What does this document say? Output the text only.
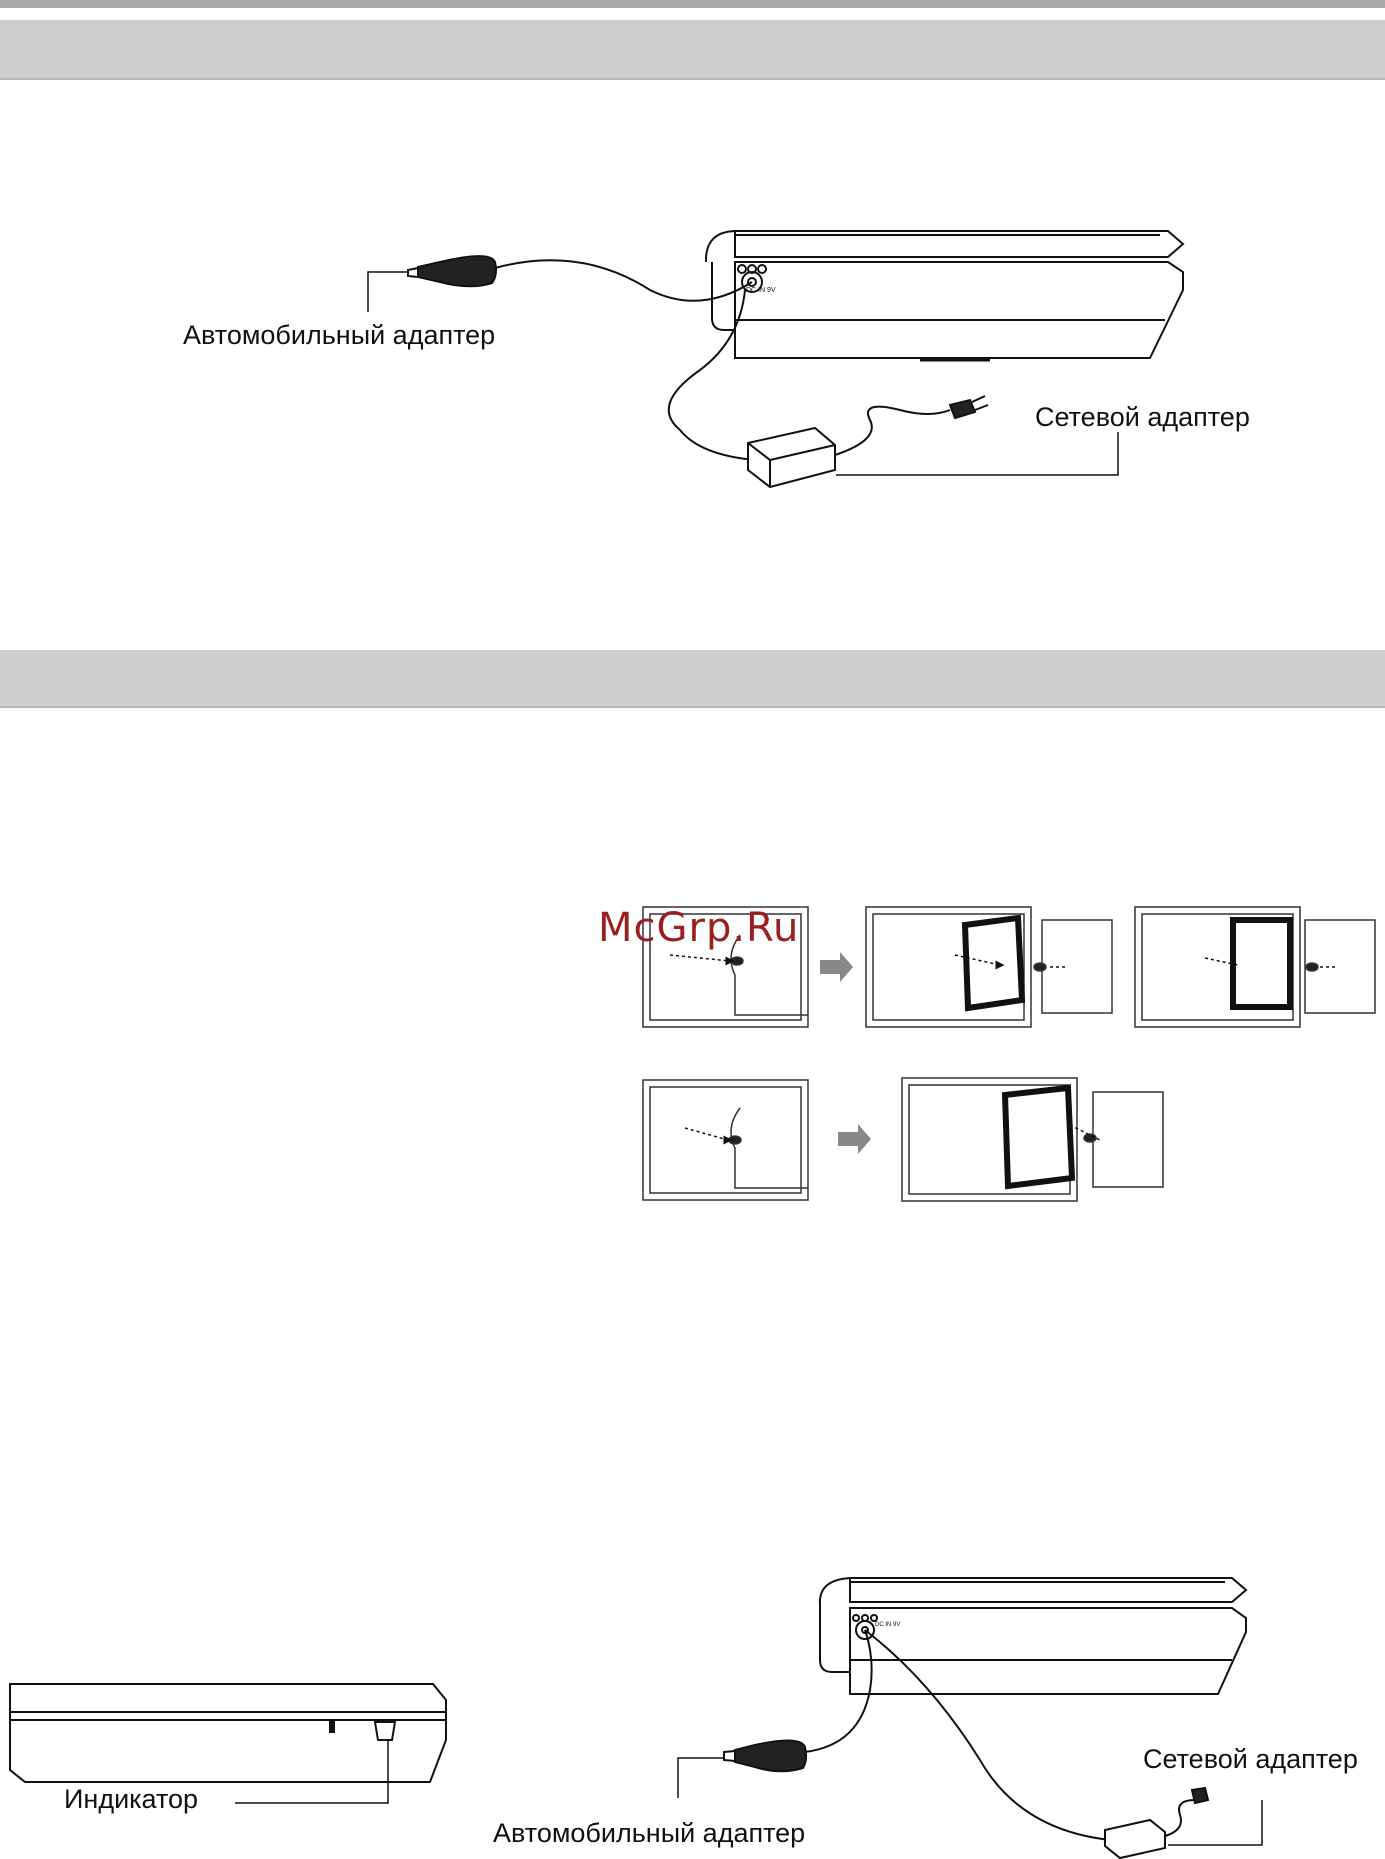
DC IN 9V
Автомобильный адаптер
Сетевой адаптер
McGrp.Ru
DC IN 9V
Индикатор
Автомобильный адаптер
Сетевой адаптер
